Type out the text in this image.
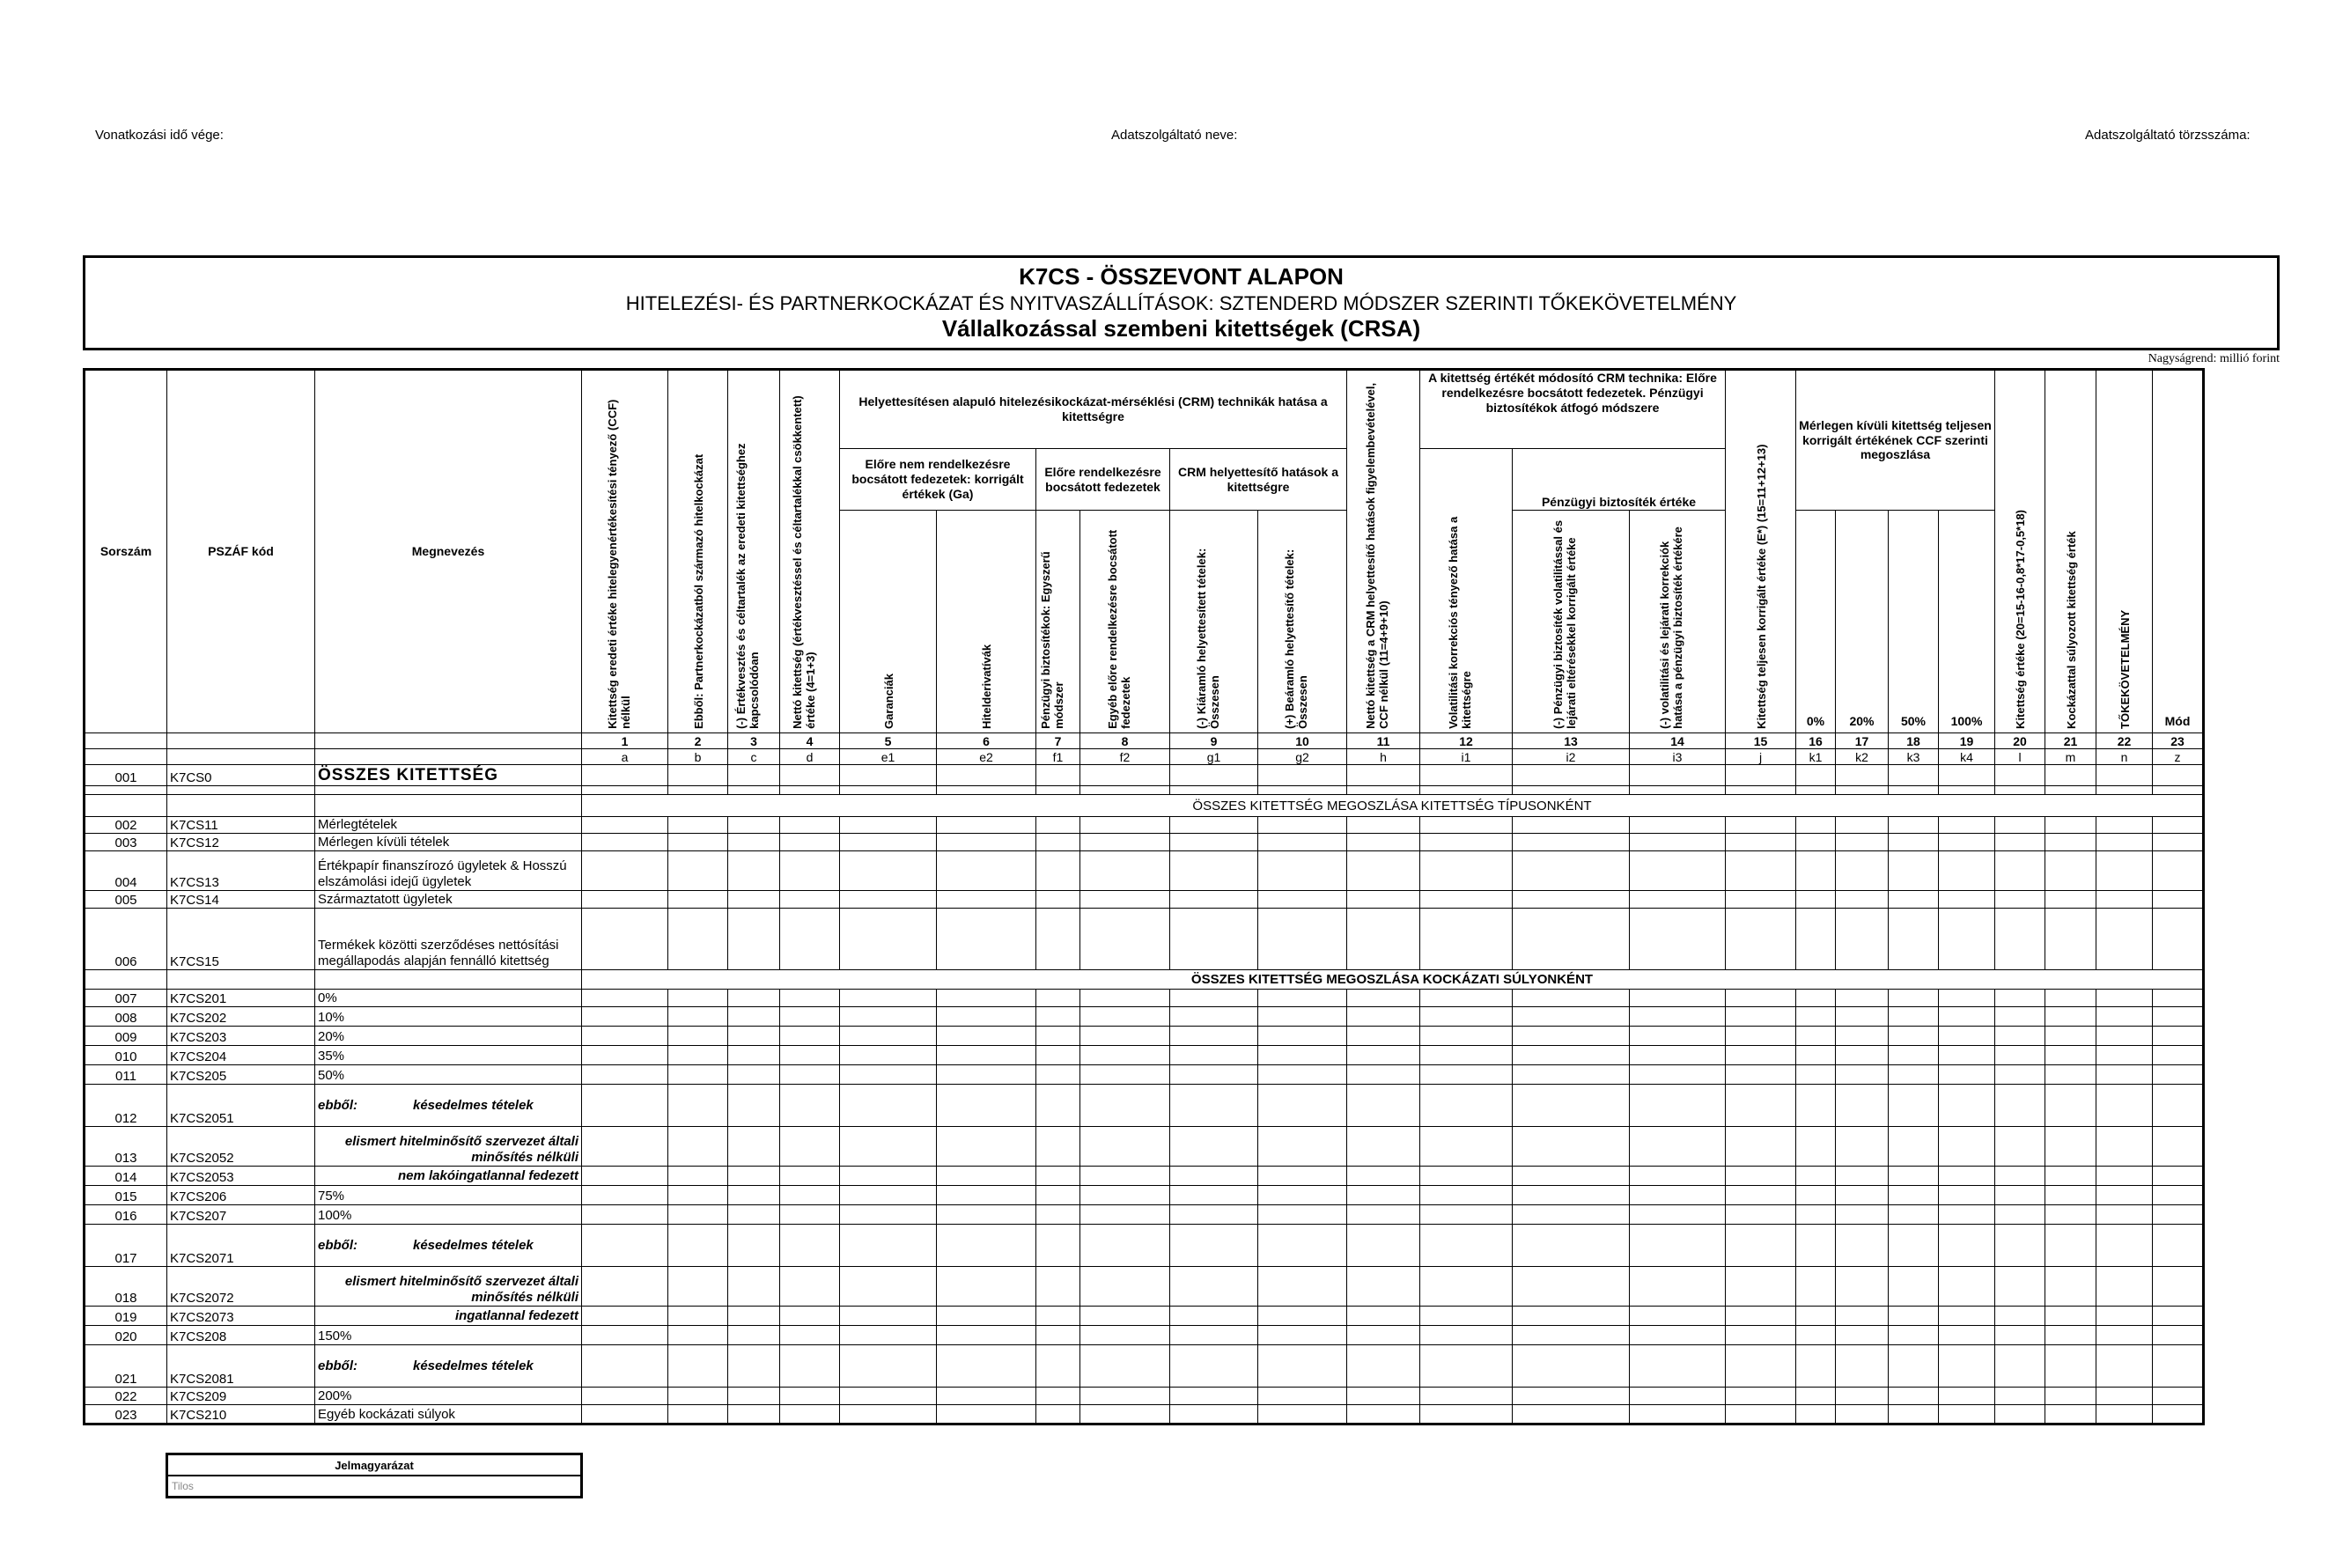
Vonatkozási idő vége:	Adatszolgáltató neve:	Adatszolgáltató törzsszáma:
K7CS - ÖSSZEVONT ALAPON
HITELEZÉSI- ÉS PARTNERKOCKÁZAT ÉS NYITVASZÁLLÍTÁSOK: SZTENDERD MÓDSZER SZERINTI TŐKEKÖVETELMÉNY
Vállalkozással szembeni kitettségek (CRSA)
Nagyságrend: millió forint
Sorszám	PSZÁF kód	Megnevezés	Kitettség eredeti értéke hitelegyenértékesítési tényező (CCF) nélkül	Ebből: Partnerkockázatból származó hitelkockázat	(-) Értékvesztés és céltartalék az eredeti kitettséghez kapcsolódóan	Nettó kitettség (értékvesztéssel és céltartalékkal csökkentett) értéke (4=1+3)	Helyettesítésen alapuló hitelezésikockázat-mérséklési (CRM) technikák hatása a kitettségre						Nettó kitettség a CRM helyettesítő hatások figyelembevételével, CCF nélkül (11=4+9+10)	A kitettség értékét módosító CRM technika: Előre rendelkezésre bocsátott fedezetek. Pénzügyi biztosítékok átfogó módszere			Kitettség teljesen korrigált értéke (E*) (15=11+12+13)	Mérlegen kívüli kitettség teljesen korrigált értékének CCF szerinti megoszlása				Kitettség értéke (20=15-16-0,8*17-0,5*18)	Kockázattal súlyozott kitettség érték	TŐKEKÖVETELMÉNY	Mód
							Előre nem rendelkezésre bocsátott fedezetek: korrigált értékek (Ga)		Előre rendelkezésre bocsátott fedezetek		CRM helyettesítő hatások a kitettségre			Volatilitási korrekciós tényező hatása a kitettségre	Pénzügyi biztosíték értéke										

							Garanciák	Hitelderivatívák	Pénzügyi biztosítékok: Egyszerű módszer	Egyéb előre rendelkezésre bocsátott fedezetek	(-) Kiáramló helyettesített tételek: Összesen	(+) Beáramló helyettesítő tételek: Összesen			(-) Pénzügyi biztosíték volatilitással és lejárati eltérésekkel korrigált értéke	(-) volatilitási és lejárati korrekciók hatása a pénzügyi biztosíték értékére		0%	20%	50%	100%				
			1	2	3	4	5	6	7	8	9	10	11	12	13	14	15	16	17	18	19	20	21	22	23
			a	b	c	d	e1	e2	f1	f2	g1	g2	h	i1	i2	i3	j	k1	k2	k3	k4	l	m	n	z
001	K7CS0	ÖSSZES KITETTSÉG																							

			ÖSSZES KITETTSÉG MEGOSZLÁSA KITETTSÉG TÍPUSONKÉNT																						
002	K7CS11	Mérlegtételek																							
003	K7CS12	Mérlegen kívüli tételek																							
004	K7CS13	Értékpapír finanszírozó ügyletek & Hosszú elszámolási idejű ügyletek																							
005	K7CS14	Származtatott ügyletek																							
006	K7CS15	Termékek közötti szerződéses nettósítási megállapodás alapján fennálló kitettség																							
			ÖSSZES KITETTSÉG MEGOSZLÁSA KOCKÁZATI SÚLYONKÉNT																						
007	K7CS201	0%																							
008	K7CS202	10%																							
009	K7CS203	20%																							
010	K7CS204	35%																							
011	K7CS205	50%																							
012	K7CS2051	ebből: késedelmes tételek																							
013	K7CS2052	elismert hitelminősítő szervezet általi minősítés nélküli																							
014	K7CS2053	nem lakóingatlannal fedezett																							
015	K7CS206	75%																							
016	K7CS207	100%																							
017	K7CS2071	ebből: késedelmes tételek																							
018	K7CS2072	elismert hitelminősítő szervezet általi minősítés nélküli																							
019	K7CS2073	ingatlannal fedezett																							
020	K7CS208	150%																							
021	K7CS2081	ebből: késedelmes tételek																							
022	K7CS209	200%																							
023	K7CS210	Egyéb kockázati súlyok																							
Jelmagyarázat
Tilos
